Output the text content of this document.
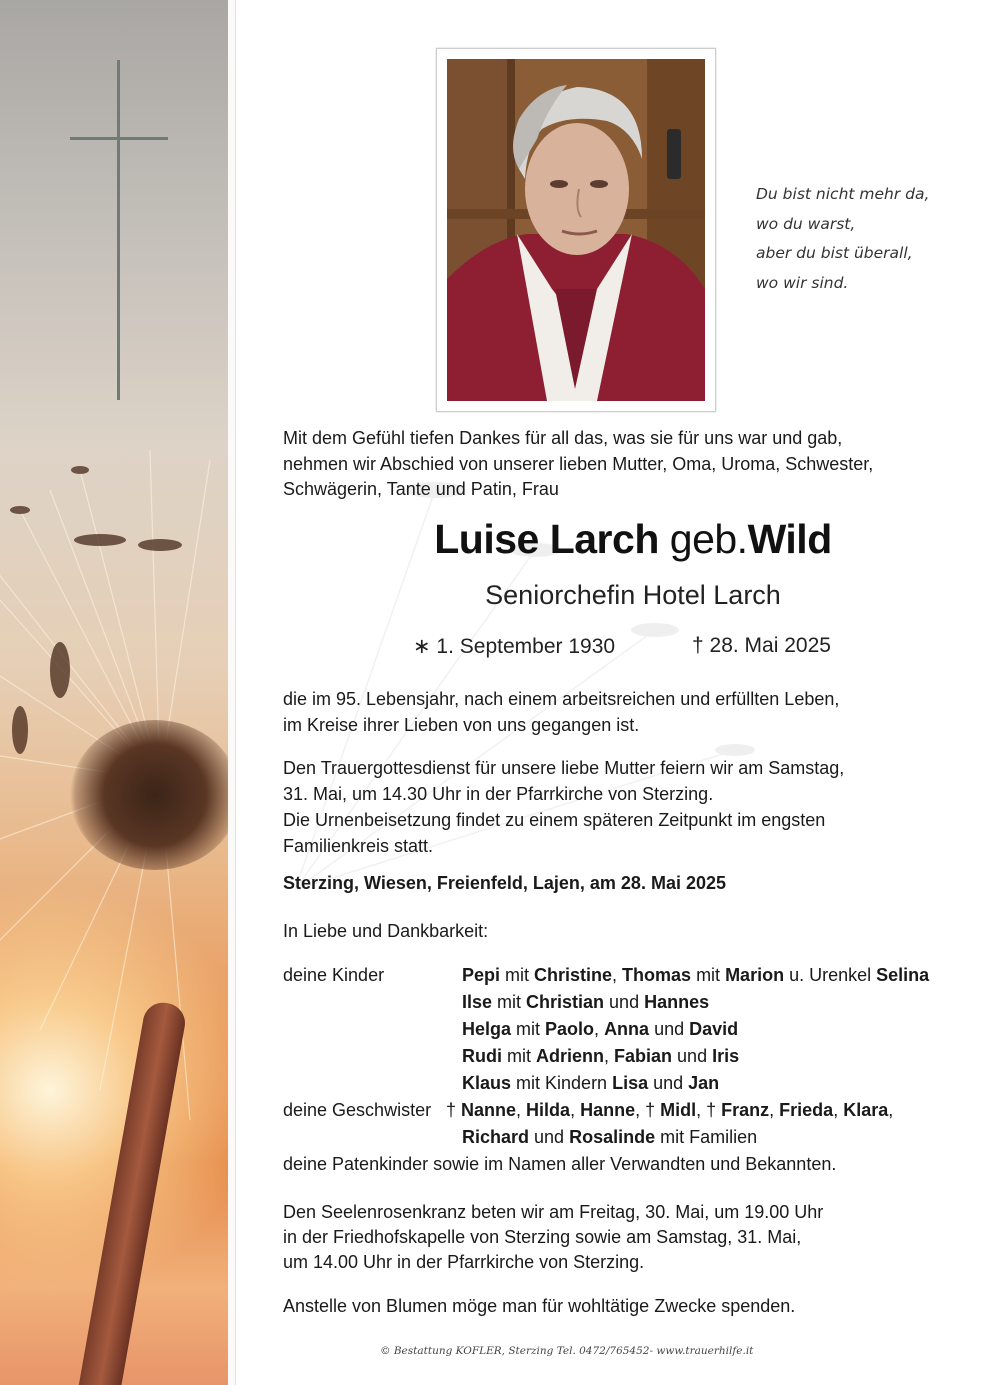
Du bist nicht mehr da,
wo du warst,
aber du bist überall,
wo wir sind.
Mit dem Gefühl tiefen Dankes für all das, was sie für uns war und gab,
nehmen wir Abschied von unserer lieben Mutter, Oma, Uroma, Schwester,
Schwägerin, Tante und Patin, Frau
Luise Larch geb.Wild
Seniorchefin Hotel Larch
∗ 1. September 1930	† 28. Mai 2025
die im 95. Lebensjahr, nach einem arbeitsreichen und erfüllten Leben,
im Kreise ihrer Lieben von uns gegangen ist.
Den Trauergottesdienst für unsere liebe Mutter feiern wir am Samstag,
31. Mai, um 14.30 Uhr in der Pfarrkirche von Sterzing.
Die Urnenbeisetzung findet zu einem späteren Zeitpunkt im engsten
Familienkreis statt.
Sterzing, Wiesen, Freienfeld, Lajen, am 28. Mai 2025
In Liebe und Dankbarkeit:
deine Kinder	Pepi mit Christine, Thomas mit Marion u. Urenkel Selina
Ilse mit Christian und Hannes
Helga mit Paolo, Anna und David
Rudi mit Adrienn, Fabian und Iris
Klaus mit Kindern Lisa und Jan
deine Geschwister † Nanne, Hilda, Hanne, † Midl, † Franz, Frieda, Klara,
Richard und Rosalinde mit Familien
deine Patenkinder sowie im Namen aller Verwandten und Bekannten.
Den Seelenrosenkranz beten wir am Freitag, 30. Mai, um 19.00 Uhr
in der Friedhofskapelle von Sterzing sowie am Samstag, 31. Mai,
um 14.00 Uhr in der Pfarrkirche von Sterzing.
Anstelle von Blumen möge man für wohltätige Zwecke spenden.
© Bestattung KOFLER, Sterzing Tel. 0472/765452- www.trauerhilfe.it
